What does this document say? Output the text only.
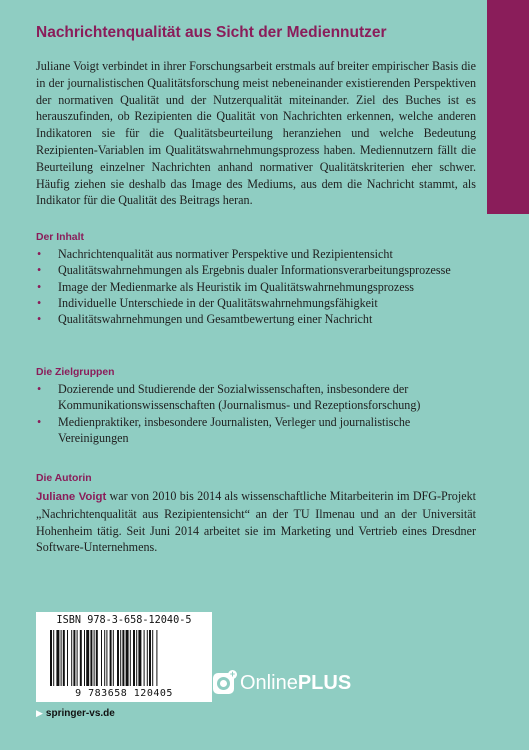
Nachrichtenqualität aus Sicht der Mediennutzer

Juliane Voigt verbindet in ihrer Forschungsarbeit erstmals auf breiter empirischer Basis die in der journalistischen Qualitätsforschung meist nebeneinander existierenden Perspektiven der normativen Qualität und der Nutzerqualität miteinander. Ziel des Buches ist es herauszufinden, ob Rezipienten die Qualität von Nachrichten erkennen, welche anderen Indikatoren sie für die Qualitätsbeurteilung heranziehen und welche Bedeutung Rezipienten-Variablen im Qualitätswahrnehmungsprozess haben. Mediennutzern fällt die Beurteilung einzelner Nachrichten anhand normativer Qualitätskriterien eher schwer. Häufig ziehen sie deshalb das Image des Mediums, aus dem die Nachricht stammt, als Indikator für die Qualität des Beitrags heran.

Der Inhalt
• Nachrichtenqualität aus normativer Perspektive und Rezipientensicht
• Qualitätswahrnehmungen als Ergebnis dualer Informationsverarbeitungsprozesse
• Image der Medienmarke als Heuristik im Qualitätswahrnehmungsprozess
• Individuelle Unterschiede in der Qualitätswahrnehmungsfähigkeit
• Qualitätswahrnehmungen und Gesamtbewertung einer Nachricht
Die Zielgruppen
• Dozierende und Studierende der Sozialwissenschaften, insbesondere der Kommunikationswissenschaften (Journalismus- und Rezeptionsforschung)
• Medienpraktiker, insbesondere Journalisten, Verleger und journalistische Vereinigungen
Die Autorin

Juliane Voigt war von 2010 bis 2014 als wissenschaftliche Mitarbeiterin im DFG-Projekt „Nachrichtenqualität aus Rezipientensicht“ an der TU Ilmenau und an der Universität Hohenheim tätig. Seit Juni 2014 arbeitet sie im Marketing und Vertrieb eines Dresdner Software-Unternehmens.

ISBN 978-3-658-12040-5
9 783658 120405
+ OnlinePLUS
▶ springer-vs.de
